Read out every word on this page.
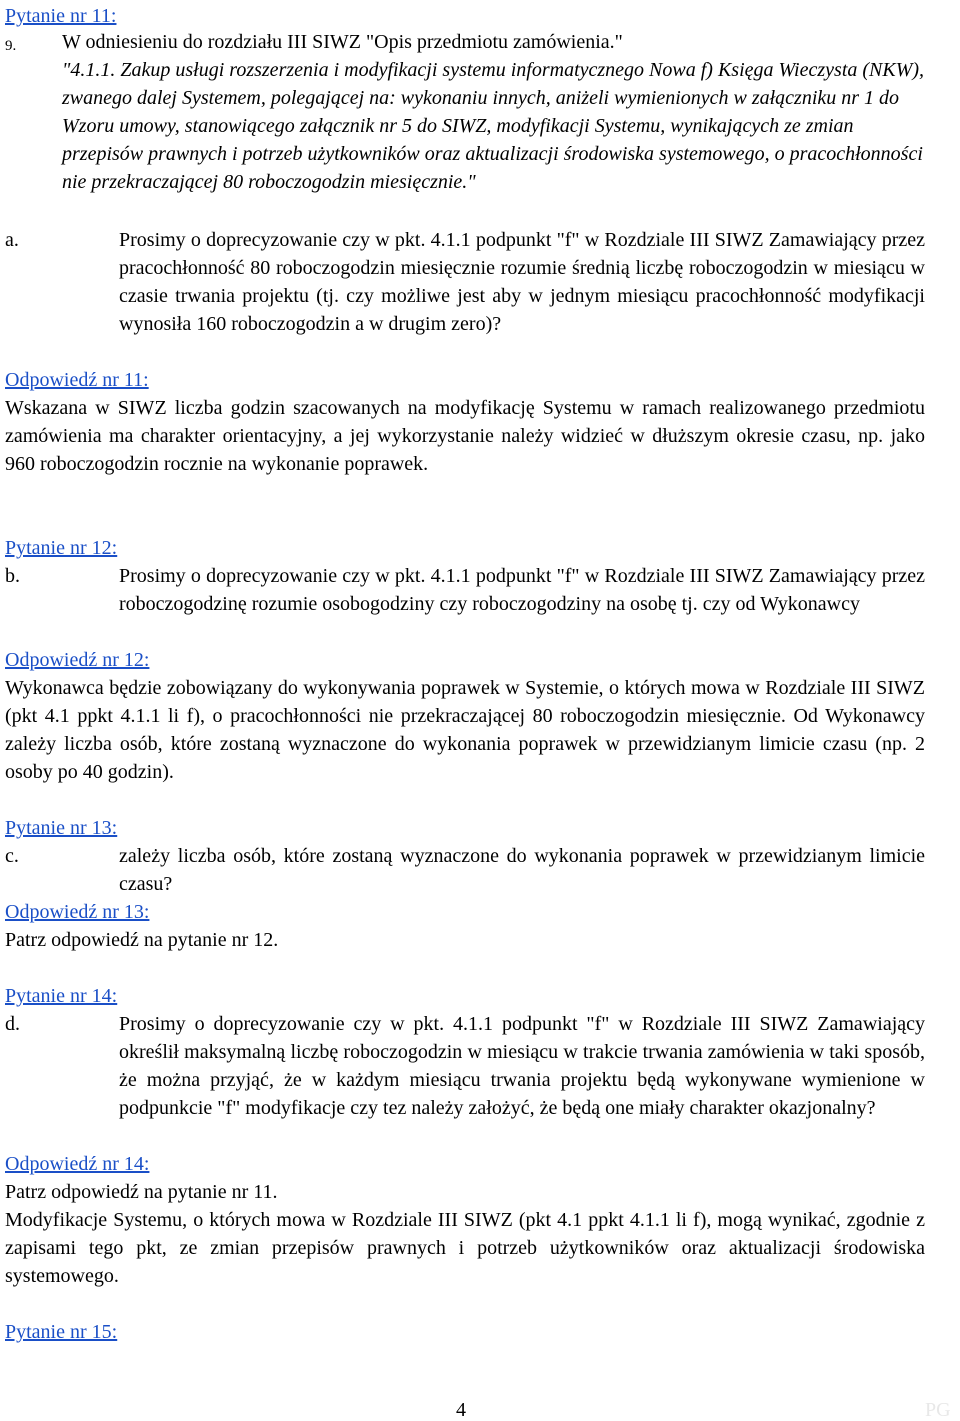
Pytanie nr 11:
9. W odniesieniu do rozdziału III SIWZ "Opis przedmiotu zamówienia."
"4.1.1. Zakup usługi rozszerzenia i modyfikacji systemu informatycznego Nowa f) Księga Wieczysta (NKW), zwanego dalej Systemem, polegającej na: wykonaniu innych, aniżeli wymienionych w załączniku nr 1 do Wzoru umowy, stanowiącego załącznik nr 5 do SIWZ, modyfikacji Systemu, wynikających ze zmian przepisów prawnych i potrzeb użytkowników oraz aktualizacji środowiska systemowego, o pracochłonności nie przekraczającej 80 roboczogodzin miesięcznie."
a.	Prosimy o doprecyzowanie czy w pkt. 4.1.1 podpunkt "f" w Rozdziale III SIWZ Zamawiający przez pracochłonność 80 roboczogodzin miesięcznie rozumie średnią liczbę roboczogodzin w miesiącu w czasie trwania projektu (tj. czy możliwe jest aby w jednym miesiącu pracochłonność modyfikacji wynosiła 160 roboczogodzin a w drugim zero)?
Odpowiedź nr 11:
Wskazana w SIWZ liczba godzin szacowanych na modyfikację Systemu w ramach realizowanego przedmiotu zamówienia ma charakter orientacyjny, a jej wykorzystanie należy widzieć w dłuższym okresie czasu, np. jako 960 roboczogodzin rocznie na wykonanie poprawek.
Pytanie nr 12:
b.	Prosimy o doprecyzowanie czy w pkt. 4.1.1 podpunkt "f" w Rozdziale III SIWZ Zamawiający przez roboczogodzinę rozumie osobogodziny czy roboczogodziny na osobę tj. czy od Wykonawcy
Odpowiedź nr 12:
Wykonawca będzie zobowiązany do wykonywania poprawek w Systemie, o których mowa w Rozdziale III SIWZ (pkt 4.1 ppkt 4.1.1 li f), o pracochłonności nie przekraczającej 80 roboczogodzin miesięcznie. Od Wykonawcy zależy liczba osób, które zostaną wyznaczone do wykonania poprawek w przewidzianym limicie czasu (np. 2 osoby po 40 godzin).
Pytanie nr 13:
c.	zależy liczba osób, które zostaną wyznaczone do wykonania poprawek w przewidzianym limicie czasu?
Odpowiedź nr 13:
Patrz odpowiedź na pytanie nr 12.
Pytanie nr 14:
d.	Prosimy o doprecyzowanie czy w pkt. 4.1.1 podpunkt "f" w Rozdziale III SIWZ Zamawiający określił maksymalną liczbę roboczogodzin w miesiącu w trakcie trwania zamówienia w taki sposób, że można przyjąć, że w każdym miesiącu trwania projektu będą wykonywane wymienione w podpunkcie "f" modyfikacje czy tez należy założyć, że będą one miały charakter okazjonalny?
Odpowiedź nr 14:
Patrz odpowiedź na pytanie nr 11.
Modyfikacje Systemu, o których mowa w Rozdziale III SIWZ (pkt 4.1 ppkt 4.1.1 li f), mogą wynikać, zgodnie z zapisami tego pkt, ze zmian przepisów prawnych i potrzeb użytkowników oraz aktualizacji środowiska systemowego.
Pytanie nr 15:
4	PG
